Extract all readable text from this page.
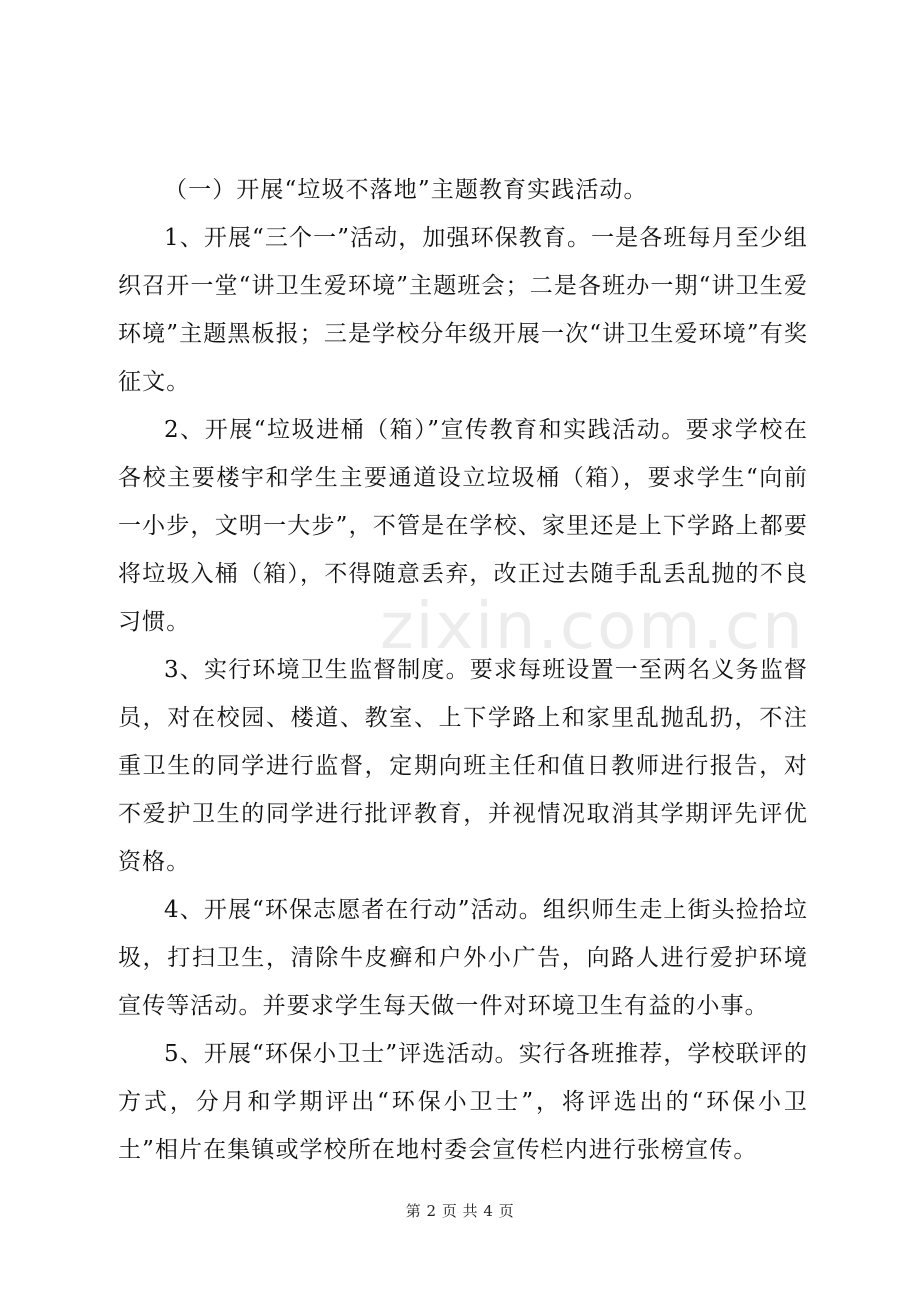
（一）开展“垃圾不落地”主题教育实践活动。

1、开展“三个一”活动，加强环保教育。一是各班每月至少组织召开一堂“讲卫生爱环境”主题班会；二是各班办一期“讲卫生爱环境”主题黑板报；三是学校分年级开展一次“讲卫生爱环境”有奖征文。

2、开展“垃圾进桶（箱）”宣传教育和实践活动。要求学校在各校主要楼宇和学生主要通道设立垃圾桶（箱），要求学生“向前一小步，文明一大步”，不管是在学校、家里还是上下学路上都要将垃圾入桶（箱），不得随意丢弃，改正过去随手乱丢乱抛的不良习惯。

3、实行环境卫生监督制度。要求每班设置一至两名义务监督员，对在校园、楼道、教室、上下学路上和家里乱抛乱扔，不注重卫生的同学进行监督，定期向班主任和值日教师进行报告，对不爱护卫生的同学进行批评教育，并视情况取消其学期评先评优资格。

4、开展“环保志愿者在行动”活动。组织师生走上街头捡拾垃圾，打扫卫生，清除牛皮癣和户外小广告，向路人进行爱护环境宣传等活动。并要求学生每天做一件对环境卫生有益的小事。

5、开展“环保小卫士”评选活动。实行各班推荐，学校联评的方式，分月和学期评出“环保小卫士”，将评选出的“环保小卫土”相片在集镇或学校所在地村委会宣传栏内进行张榜宣传。

zixin.com.cn
第 2 页 共 4 页
